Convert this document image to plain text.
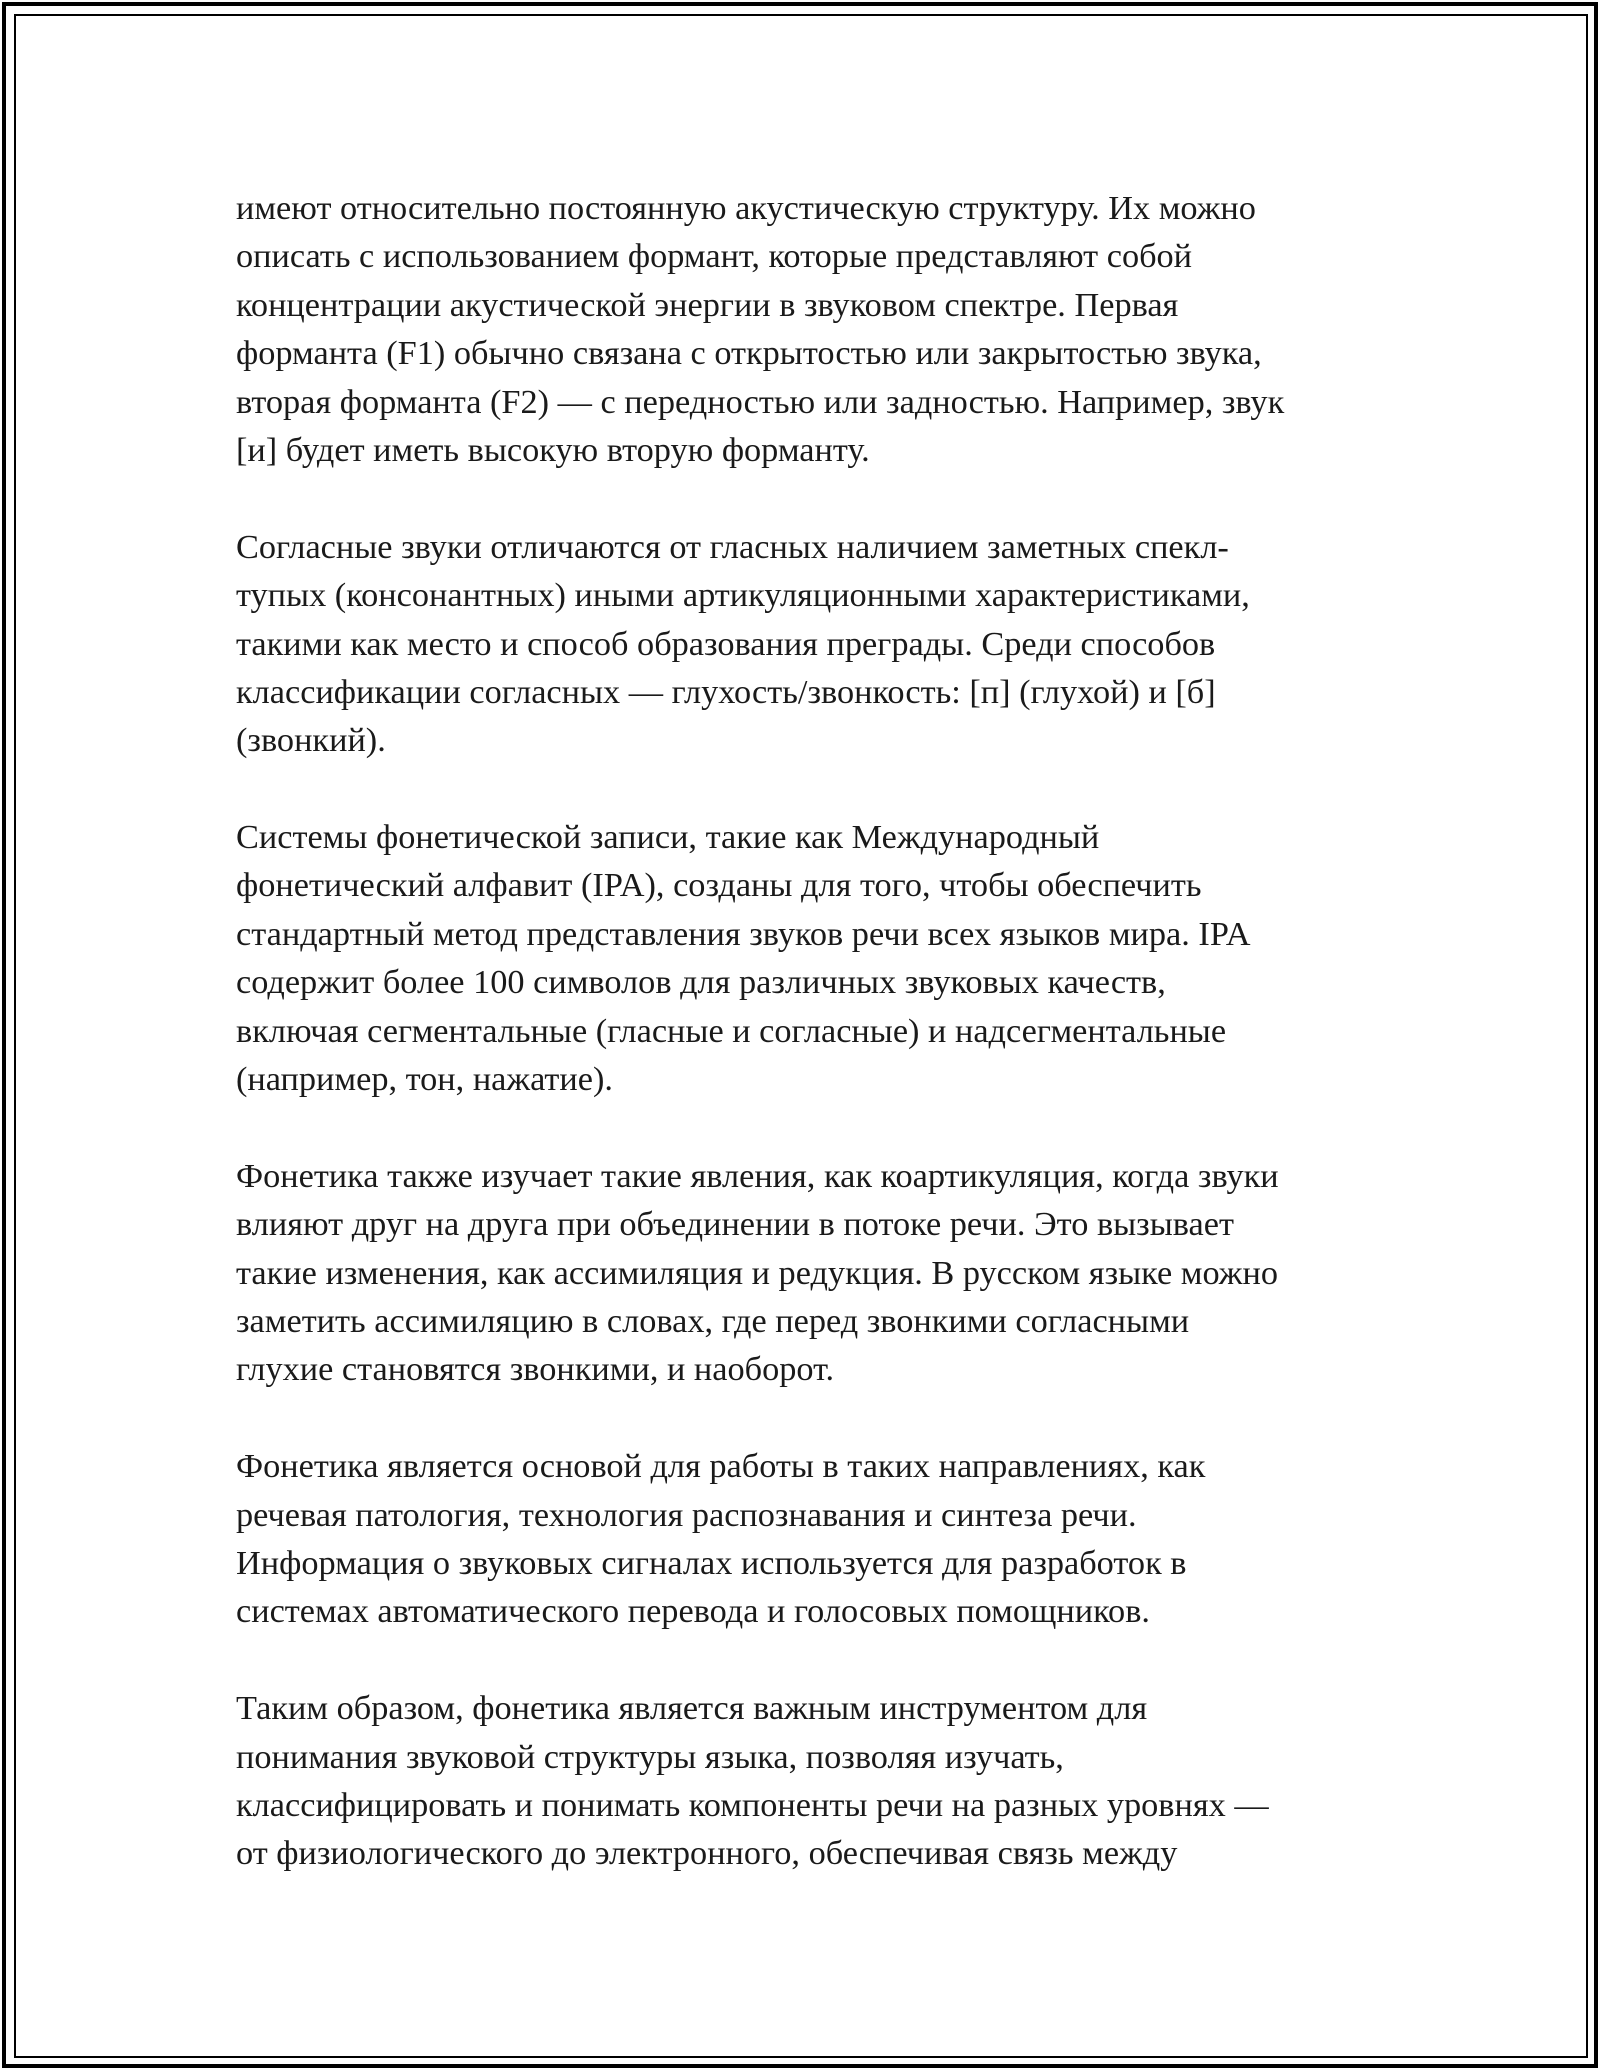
имеют относительно постоянную акустическую структуру. Их можно
описать с использованием формант, которые представляют собой
концентрации акустической энергии в звуковом спектре. Первая
форманта (F1) обычно связана с открытостью или закрытостью звука,
вторая форманта (F2) — с передностью или задностью. Например, звук
[и] будет иметь высокую вторую форманту.
Согласные звуки отличаются от гласных наличием заметных спекл-
тупых (консонантных) иными артикуляционными характеристиками,
такими как место и способ образования преграды. Среди способов
классификации согласных — глухость/звонкость: [п] (глухой) и [б]
(звонкий).
Системы фонетической записи, такие как Международный
фонетический алфавит (IPA), созданы для того, чтобы обеспечить
стандартный метод представления звуков речи всех языков мира. IPA
содержит более 100 символов для различных звуковых качеств,
включая сегментальные (гласные и согласные) и надсегментальные
(например, тон, нажатие).
Фонетика также изучает такие явления, как коартикуляция, когда звуки
влияют друг на друга при объединении в потоке речи. Это вызывает
такие изменения, как ассимиляция и редукция. В русском языке можно
заметить ассимиляцию в словах, где перед звонкими согласными
глухие становятся звонкими, и наоборот.
Фонетика является основой для работы в таких направлениях, как
речевая патология, технология распознавания и синтеза речи.
Информация о звуковых сигналах используется для разработок в
системах автоматического перевода и голосовых помощников.
Таким образом, фонетика является важным инструментом для
понимания звуковой структуры языка, позволяя изучать,
классифицировать и понимать компоненты речи на разных уровнях —
от физиологического до электронного, обеспечивая связь между
